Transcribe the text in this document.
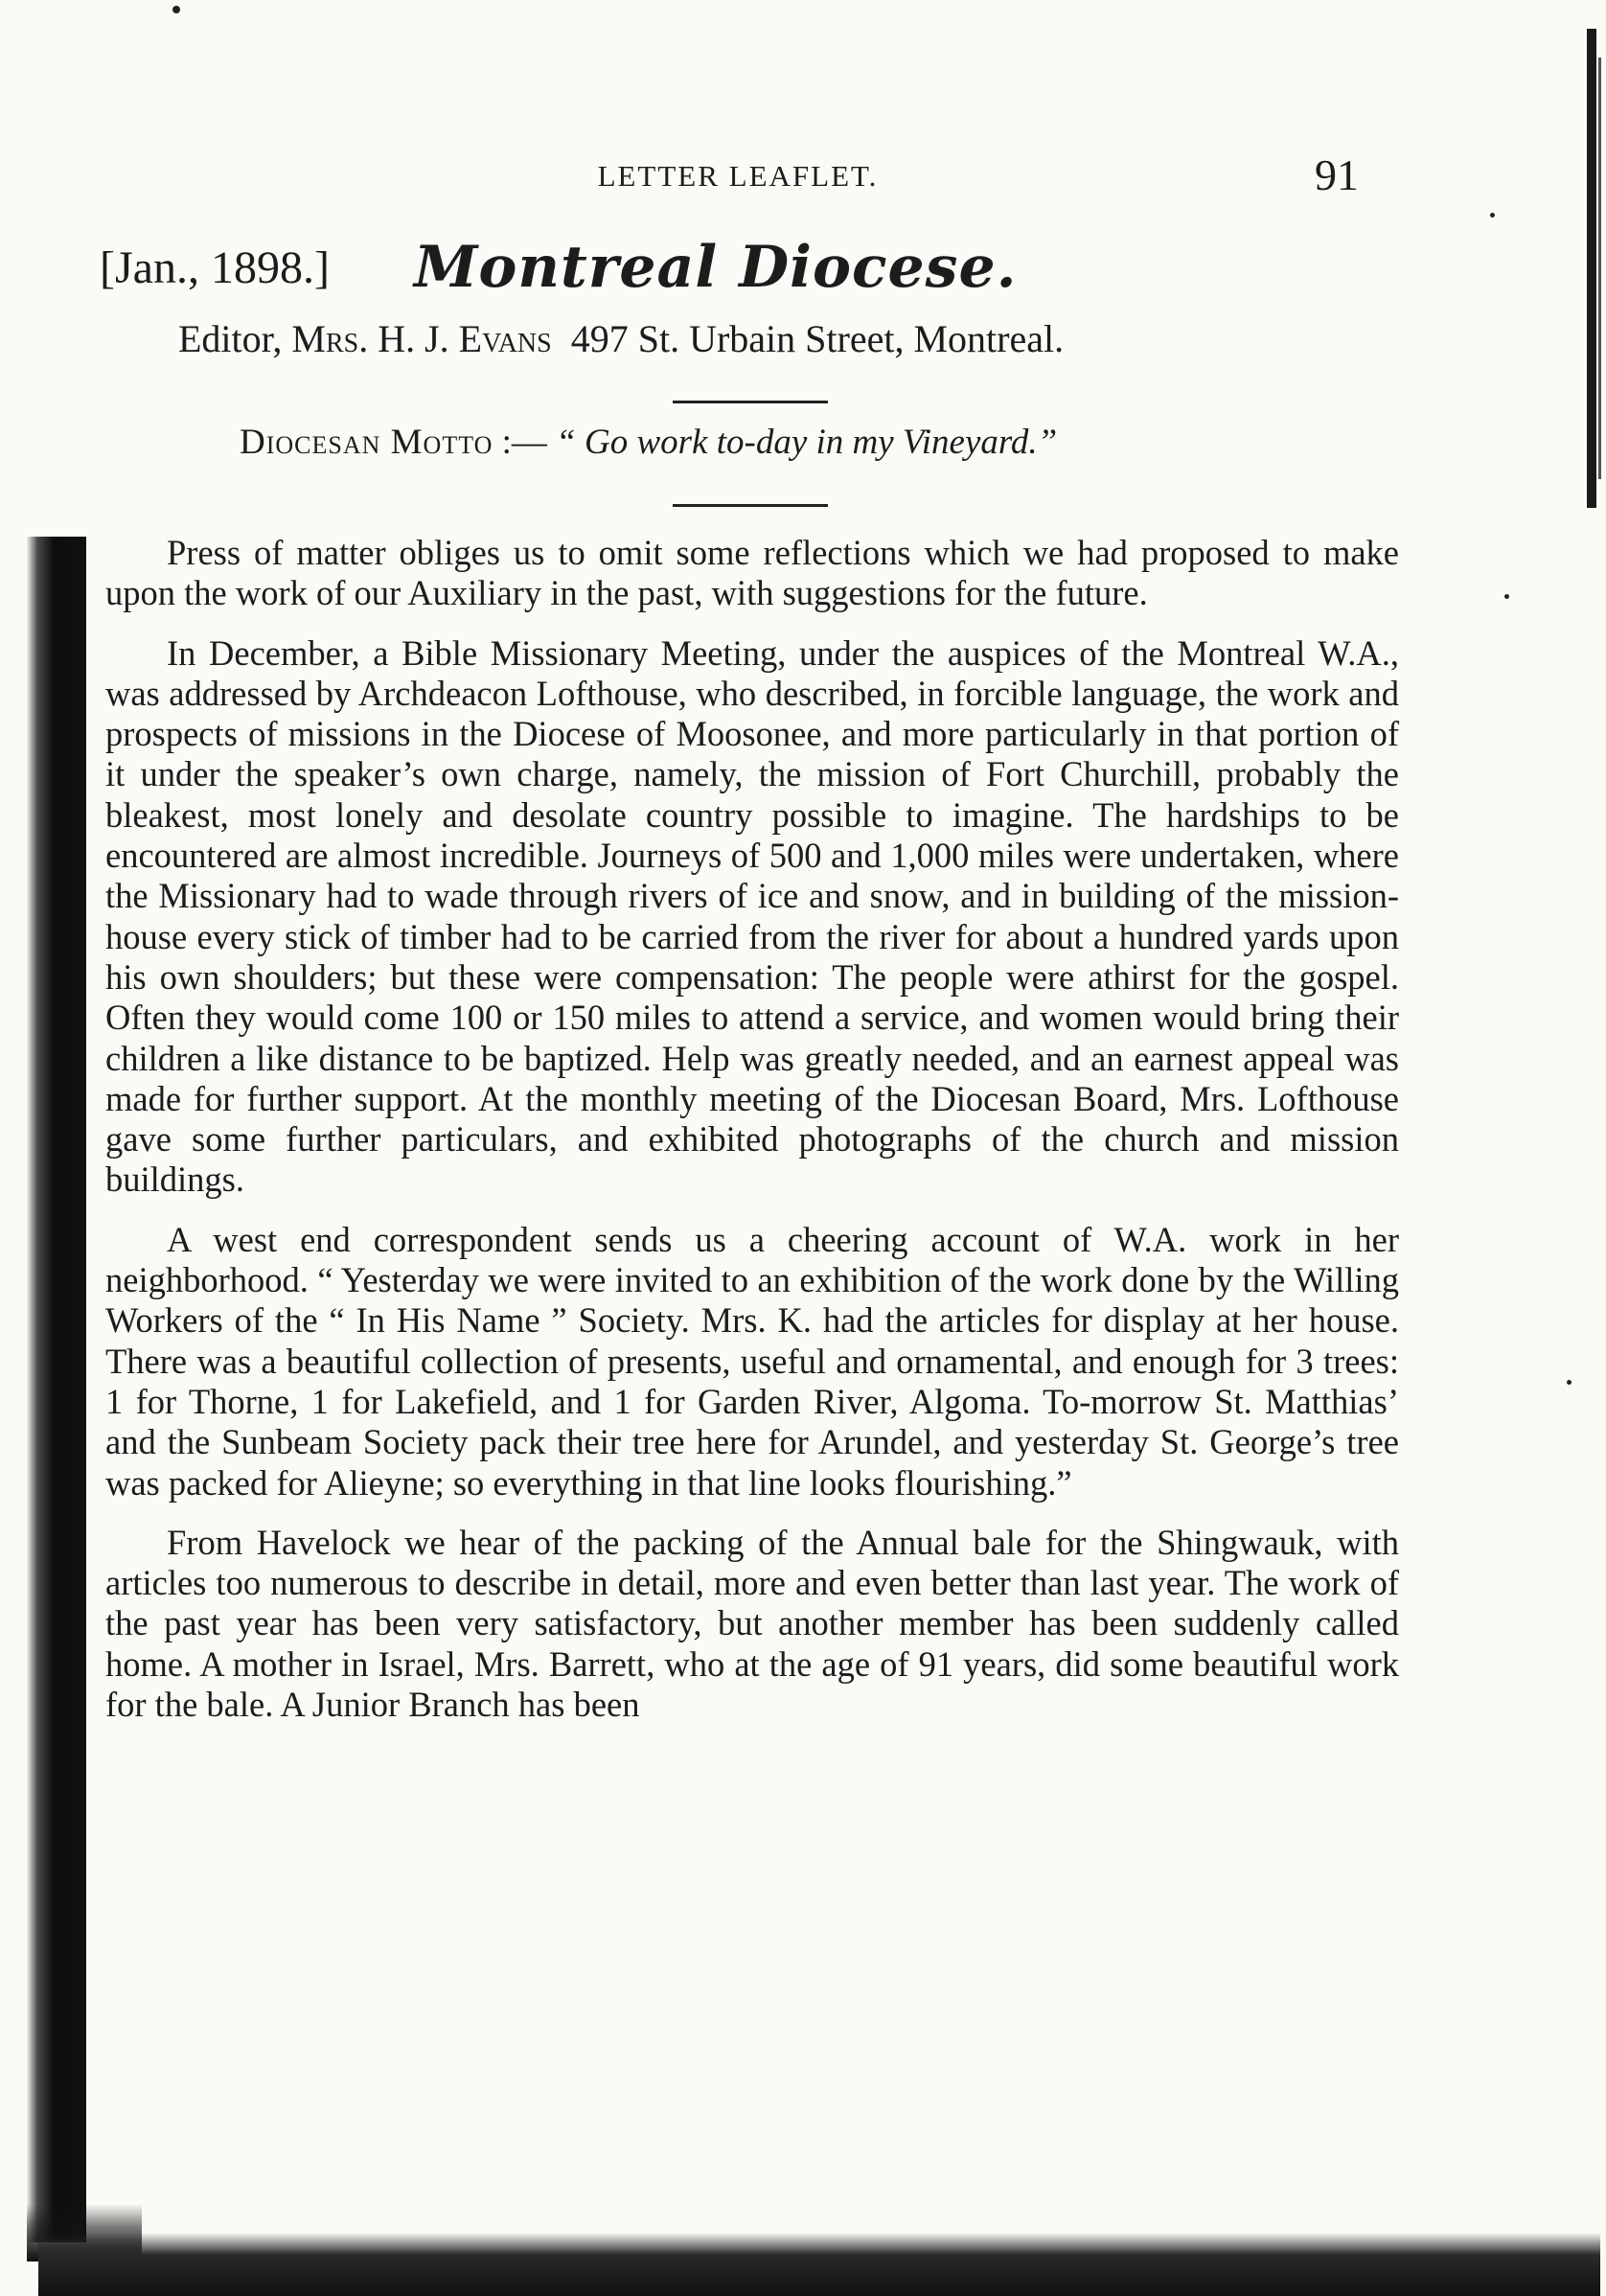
LETTER LEAFLET.	91
[Jan., 1898.] Montreal Diocese.
Editor, Mrs. H. J. Evans 497 St. Urbain Street, Montreal.
Diocesan Motto :— “ Go work to-day in my Vineyard.”

Press of matter obliges us to omit some reflections which we had proposed to make upon the work of our Auxiliary in the past, with suggestions for the future.

In December, a Bible Missionary Meeting, under the auspices of the Montreal W.A., was addressed by Archdeacon Lofthouse, who described, in forcible language, the work and prospects of missions in the Diocese of Moosonee, and more particularly in that portion of it under the speaker’s own charge, namely, the mission of Fort Churchill, probably the bleakest, most lonely and desolate country possible to imagine. The hardships to be encountered are almost incredible. Journeys of 500 and 1,000 miles were undertaken, where the Missionary had to wade through rivers of ice and snow, and in building of the mission-house every stick of timber had to be carried from the river for about a hundred yards upon his own shoulders; but these were compensation: The people were athirst for the gospel. Often they would come 100 or 150 miles to attend a service, and women would bring their children a like distance to be baptized. Help was greatly needed, and an earnest appeal was made for further support. At the monthly meeting of the Diocesan Board, Mrs. Lofthouse gave some further particulars, and exhibited photographs of the church and mission buildings.

A west end correspondent sends us a cheering account of W.A. work in her neighborhood. “ Yesterday we were invited to an exhibition of the work done by the Willing Workers of the “ In His Name ” Society. Mrs. K. had the articles for display at her house. There was a beautiful collection of presents, useful and ornamental, and enough for 3 trees: 1 for Thorne, 1 for Lakefield, and 1 for Garden River, Algoma. To-morrow St. Matthias’ and the Sunbeam Society pack their tree here for Arundel, and yesterday St. George’s tree was packed for Alieyne; so everything in that line looks flourishing.”

From Havelock we hear of the packing of the Annual bale for the Shingwauk, with articles too numerous to describe in detail, more and even better than last year. The work of the past year has been very satisfactory, but another member has been suddenly called home. A mother in Israel, Mrs. Barrett, who at the age of 91 years, did some beautiful work for the bale. A Junior Branch has been
